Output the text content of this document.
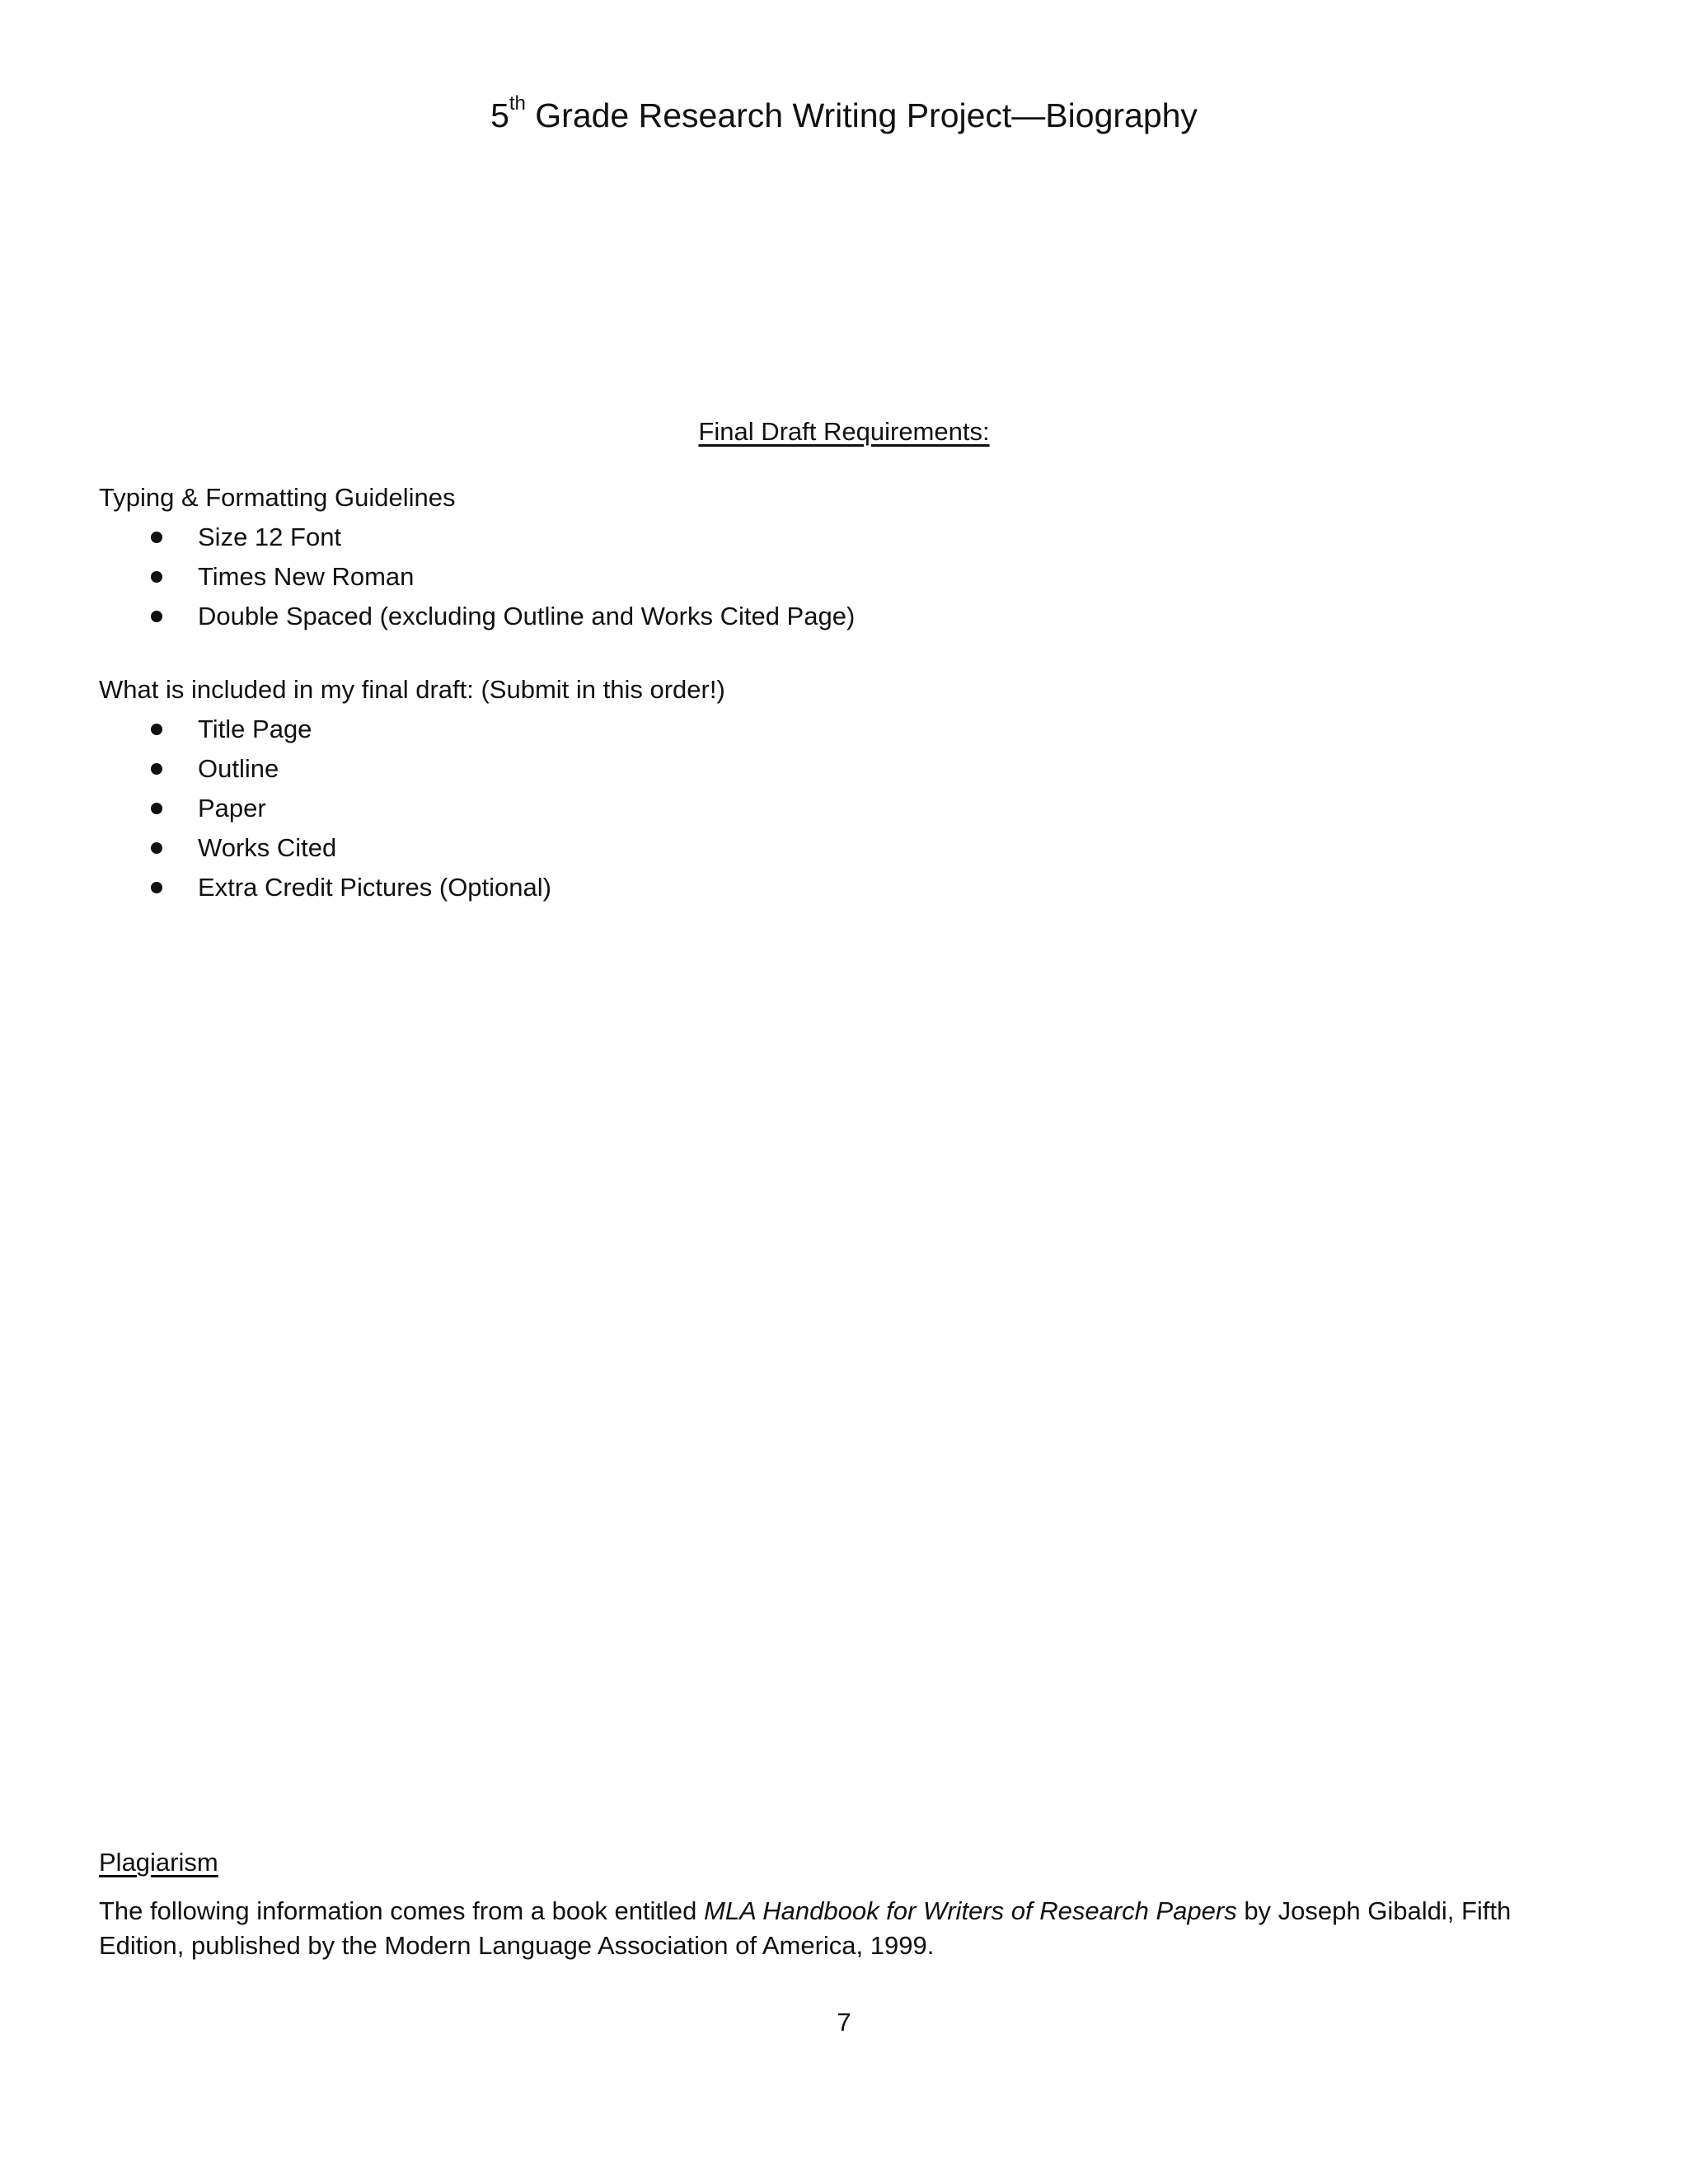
5th Grade Research Writing Project—Biography
Final Draft Requirements:
Typing & Formatting Guidelines
Size 12 Font
Times New Roman
Double Spaced (excluding Outline and Works Cited Page)
What is included in my final draft: (Submit in this order!)
Title Page
Outline
Paper
Works Cited
Extra Credit Pictures (Optional)
Plagiarism
The following information comes from a book entitled MLA Handbook for Writers of Research Papers by Joseph Gibaldi, Fifth Edition, published by the Modern Language Association of America, 1999.
7
